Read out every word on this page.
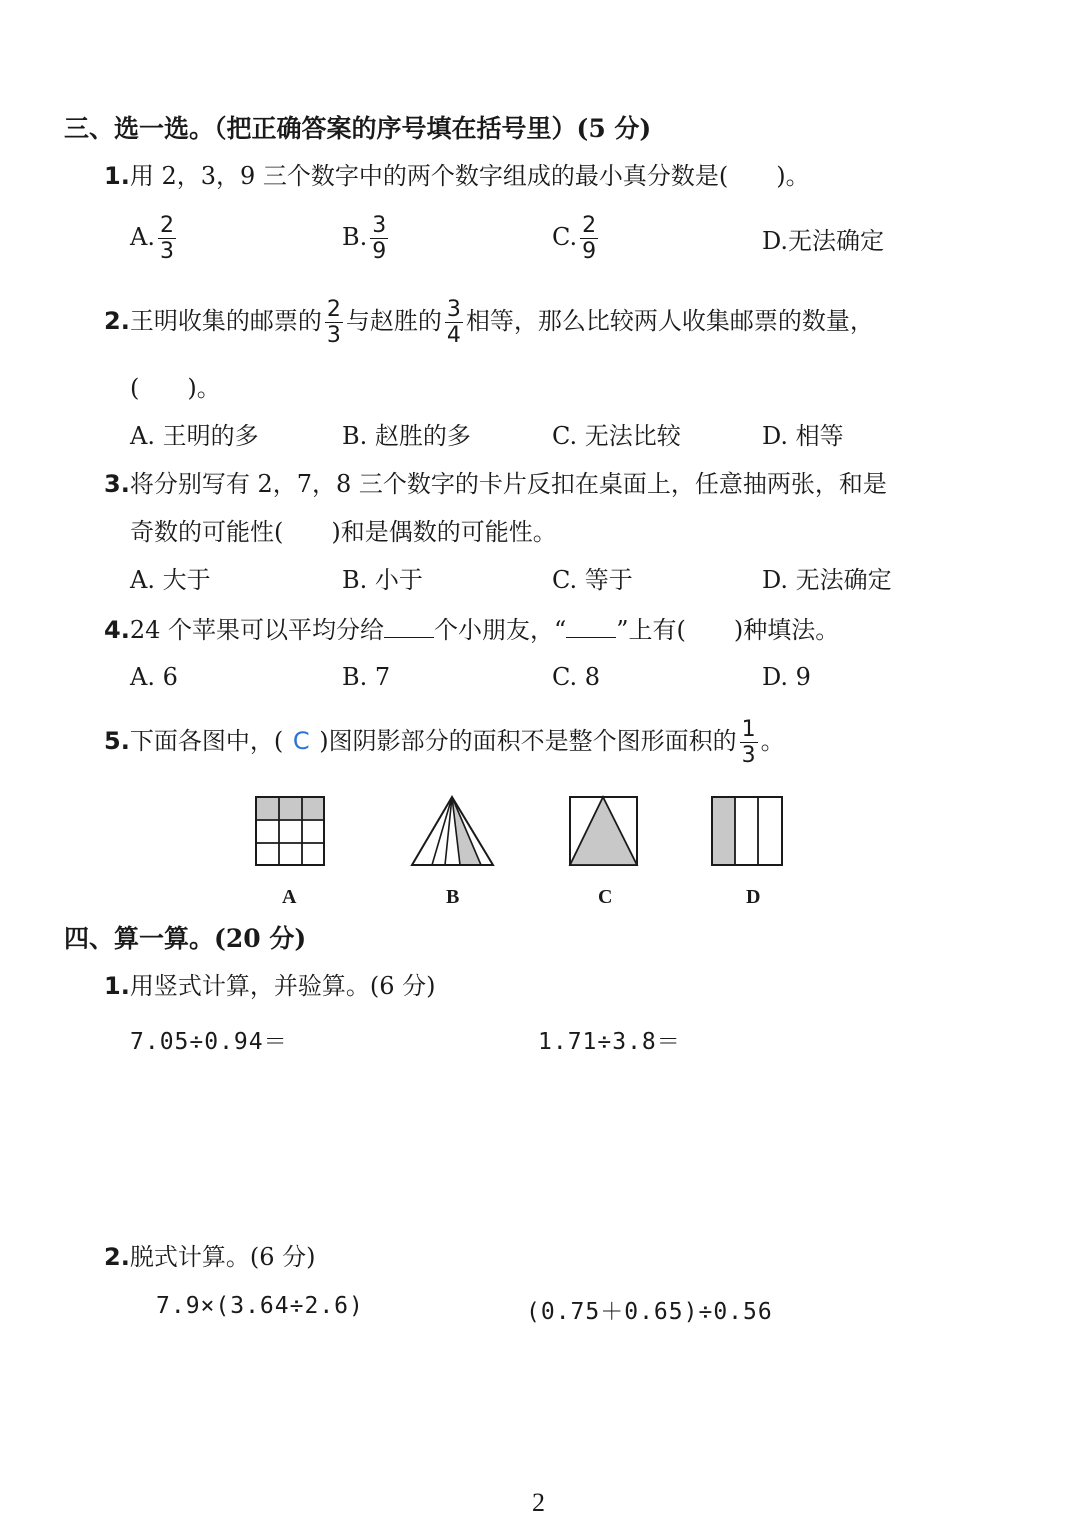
三、选一选。（把正确答案的序号填在括号里）(5 分)
1.用 2，3，9 三个数字中的两个数字组成的最小真分数是(　　)。
A. $\frac{2}{3}$	B. $\frac{3}{9}$	C. $\frac{2}{9}$	D.无法确定
2.王明收集的邮票的 $\frac{2}{3}$ 与赵胜的 $\frac{3}{4}$ 相等，那么比较两人收集邮票的数量，
(　　)。
A. 王明的多	B. 赵胜的多	C. 无法比较	D. 相等
3.将分别写有 2，7，8 三个数字的卡片反扣在桌面上，任意抽两张，和是
奇数的可能性(　　)和是偶数的可能性。
A. 大于	B. 小于	C. 等于	D. 无法确定
4.24 个苹果可以平均分给 个小朋友，“ ”上有(　　)种填法。
A. 6	B. 7	C. 8	D. 9
5.下面各图中，( C )图阴影部分的面积不是整个图形面积的 $\frac{1}{3}$ 。
A	B	C	D
四、算一算。(20 分)
1.用竖式计算，并验算。(6 分)
7.05÷0.94＝	1.71÷3.8＝
2.脱式计算。(6 分)
7.9×(3.64÷2.6)	(0.75＋0.65)÷0.56
2
